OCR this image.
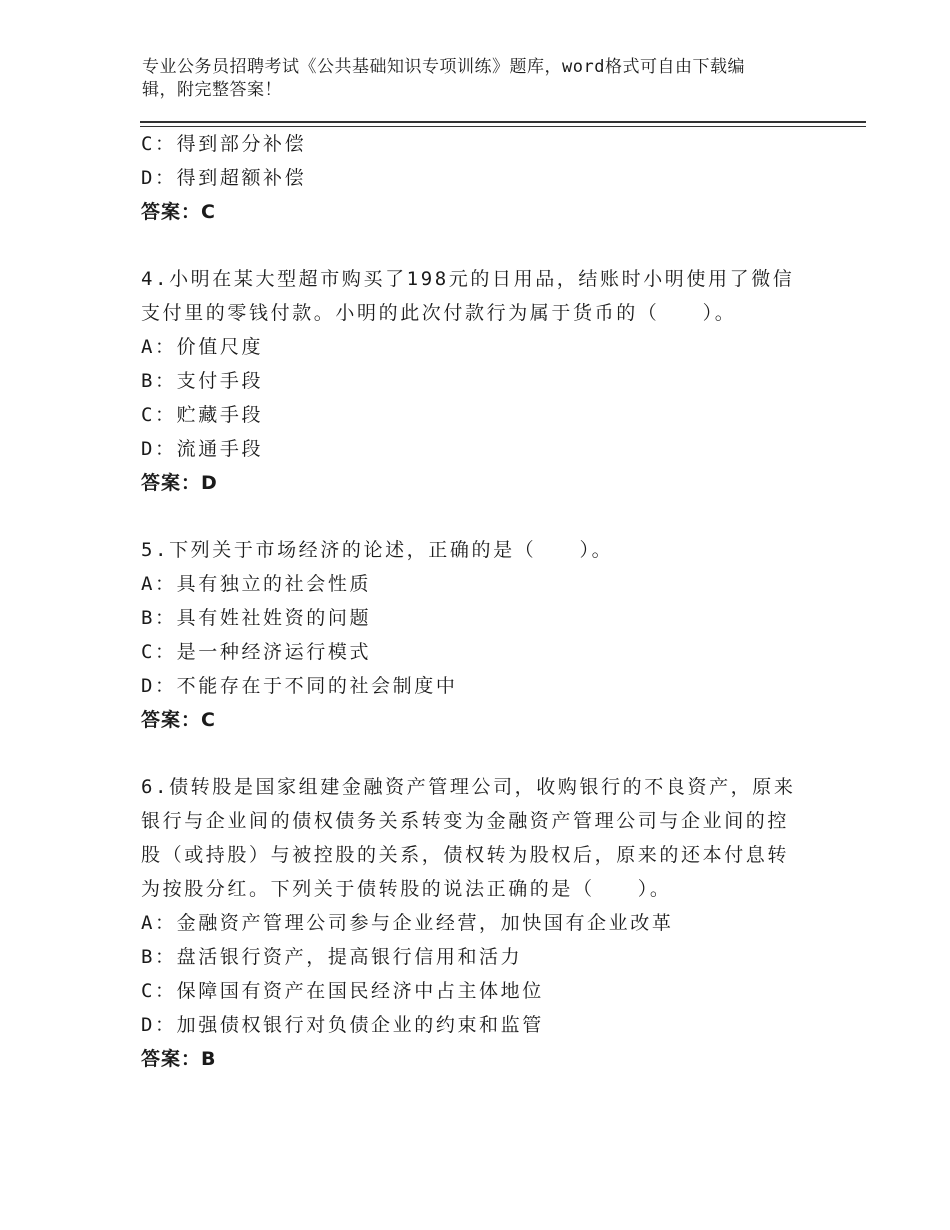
专业公务员招聘考试《公共基础知识专项训练》题库，word格式可自由下载编
辑，附完整答案！
C：得到部分补偿
D：得到超额补偿
答案：C
4.小明在某大型超市购买了198元的日用品，结账时小明使用了微信
支付里的零钱付款。小明的此次付款行为属于货币的（　　）。
A：价值尺度
B：支付手段
C：贮藏手段
D：流通手段
答案：D
5.下列关于市场经济的论述，正确的是（　　）。
A：具有独立的社会性质
B：具有姓社姓资的问题
C：是一种经济运行模式
D：不能存在于不同的社会制度中
答案：C
6.债转股是国家组建金融资产管理公司，收购银行的不良资产，原来
银行与企业间的债权债务关系转变为金融资产管理公司与企业间的控
股（或持股）与被控股的关系，债权转为股权后，原来的还本付息转
为按股分红。下列关于债转股的说法正确的是（　　）。
A：金融资产管理公司参与企业经营，加快国有企业改革
B：盘活银行资产，提高银行信用和活力
C：保障国有资产在国民经济中占主体地位
D：加强债权银行对负债企业的约束和监管
答案：B
